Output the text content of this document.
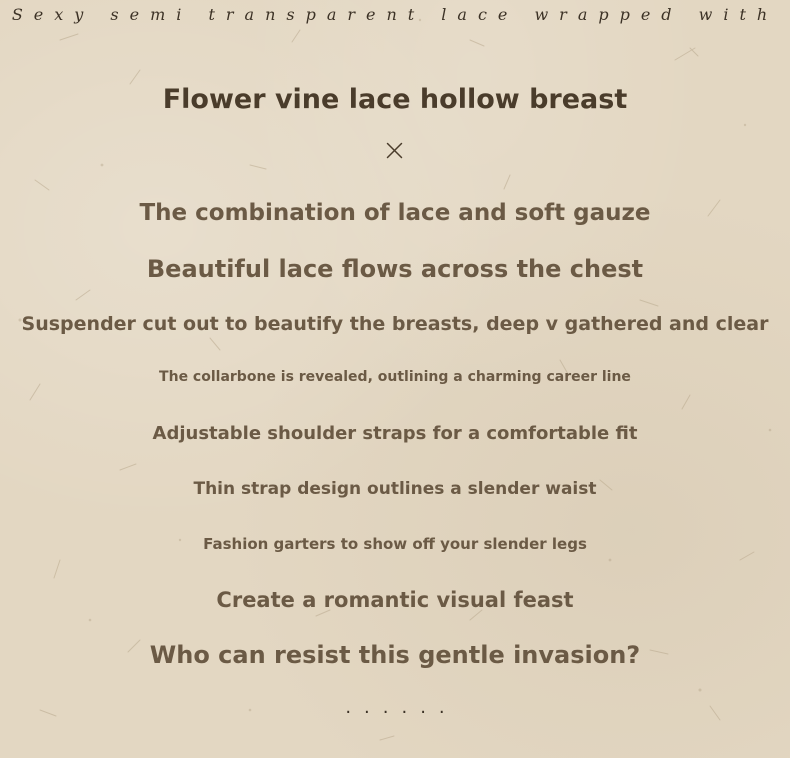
Sexy semi transparent lace wrapped with
Flower vine lace hollow breast
The combination of lace and soft gauze
Beautiful lace flows across the chest
Suspender cut out to beautify the breasts, deep v gathered and clear
The collarbone is revealed, outlining a charming career line
Adjustable shoulder straps for a comfortable fit
Thin strap design outlines a slender waist
Fashion garters to show off your slender legs
Create a romantic visual feast
Who can resist this gentle invasion?
......
